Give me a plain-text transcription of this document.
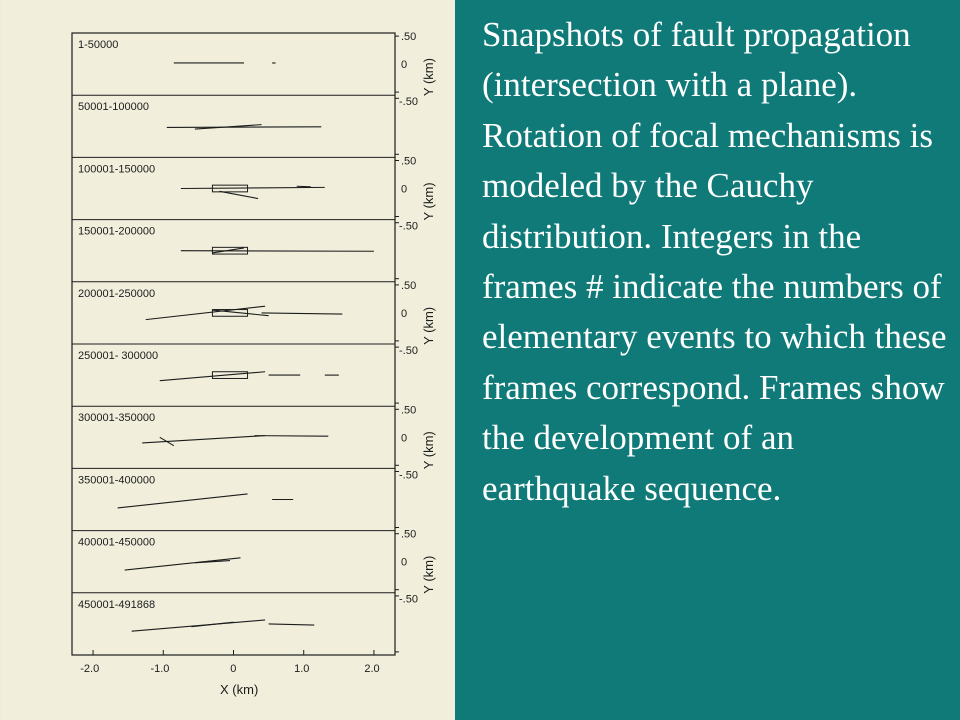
1-50000
50001-100000
100001-150000
150001-200000
200001-250000
250001- 300000
300001-350000
350001-400000
400001-450000
450001-491868
.50
0
-.50
Y (km)
.50
0
-.50
Y (km)
.50
0
-.50
Y (km)
.50
0
-.50
Y (km)
.50
0
-.50
Y (km)
-2.0	-1.0	0	1.0	2.0
X (km)

Snapshots of fault propagation (intersection with a plane). Rotation of focal mechanisms is modeled by the Cauchy distribution. Integers in the frames # indicate the numbers of elementary events to which these frames correspond. Frames show the development of an earthquake sequence.
